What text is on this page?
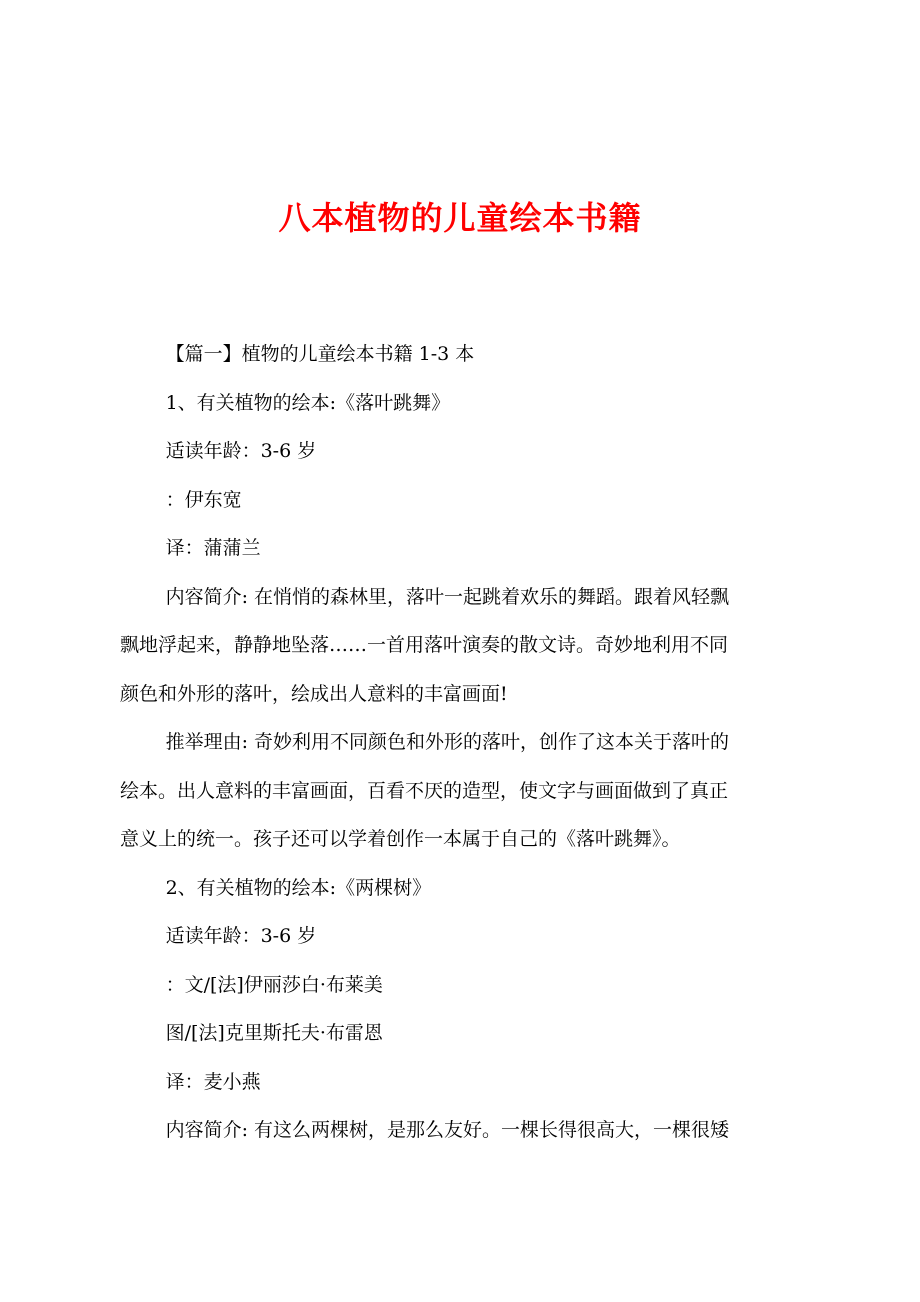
八本植物的儿童绘本书籍

【篇一】植物的儿童绘本书籍 1-3 本

1、有关植物的绘本:《落叶跳舞》

适读年龄：3-6 岁

：伊东宽

译：蒲蒲兰

内容简介: 在悄悄的森林里，落叶一起跳着欢乐的舞蹈。跟着风轻飘
飘地浮起来，静静地坠落……一首用落叶演奏的散文诗。奇妙地利用不同
颜色和外形的落叶，绘成出人意料的丰富画面!
推举理由: 奇妙利用不同颜色和外形的落叶，创作了这本关于落叶的
绘本。出人意料的丰富画面，百看不厌的造型，使文字与画面做到了真正
意义上的统一。孩子还可以学着创作一本属于自己的《落叶跳舞》。

2、有关植物的绘本:《两棵树》

适读年龄：3-6 岁

：文/[法]伊丽莎白·布莱美

图/[法]克里斯托夫·布雷恩

译：麦小燕

内容简介: 有这么两棵树，是那么友好。一棵长得很高大，一棵很矮
